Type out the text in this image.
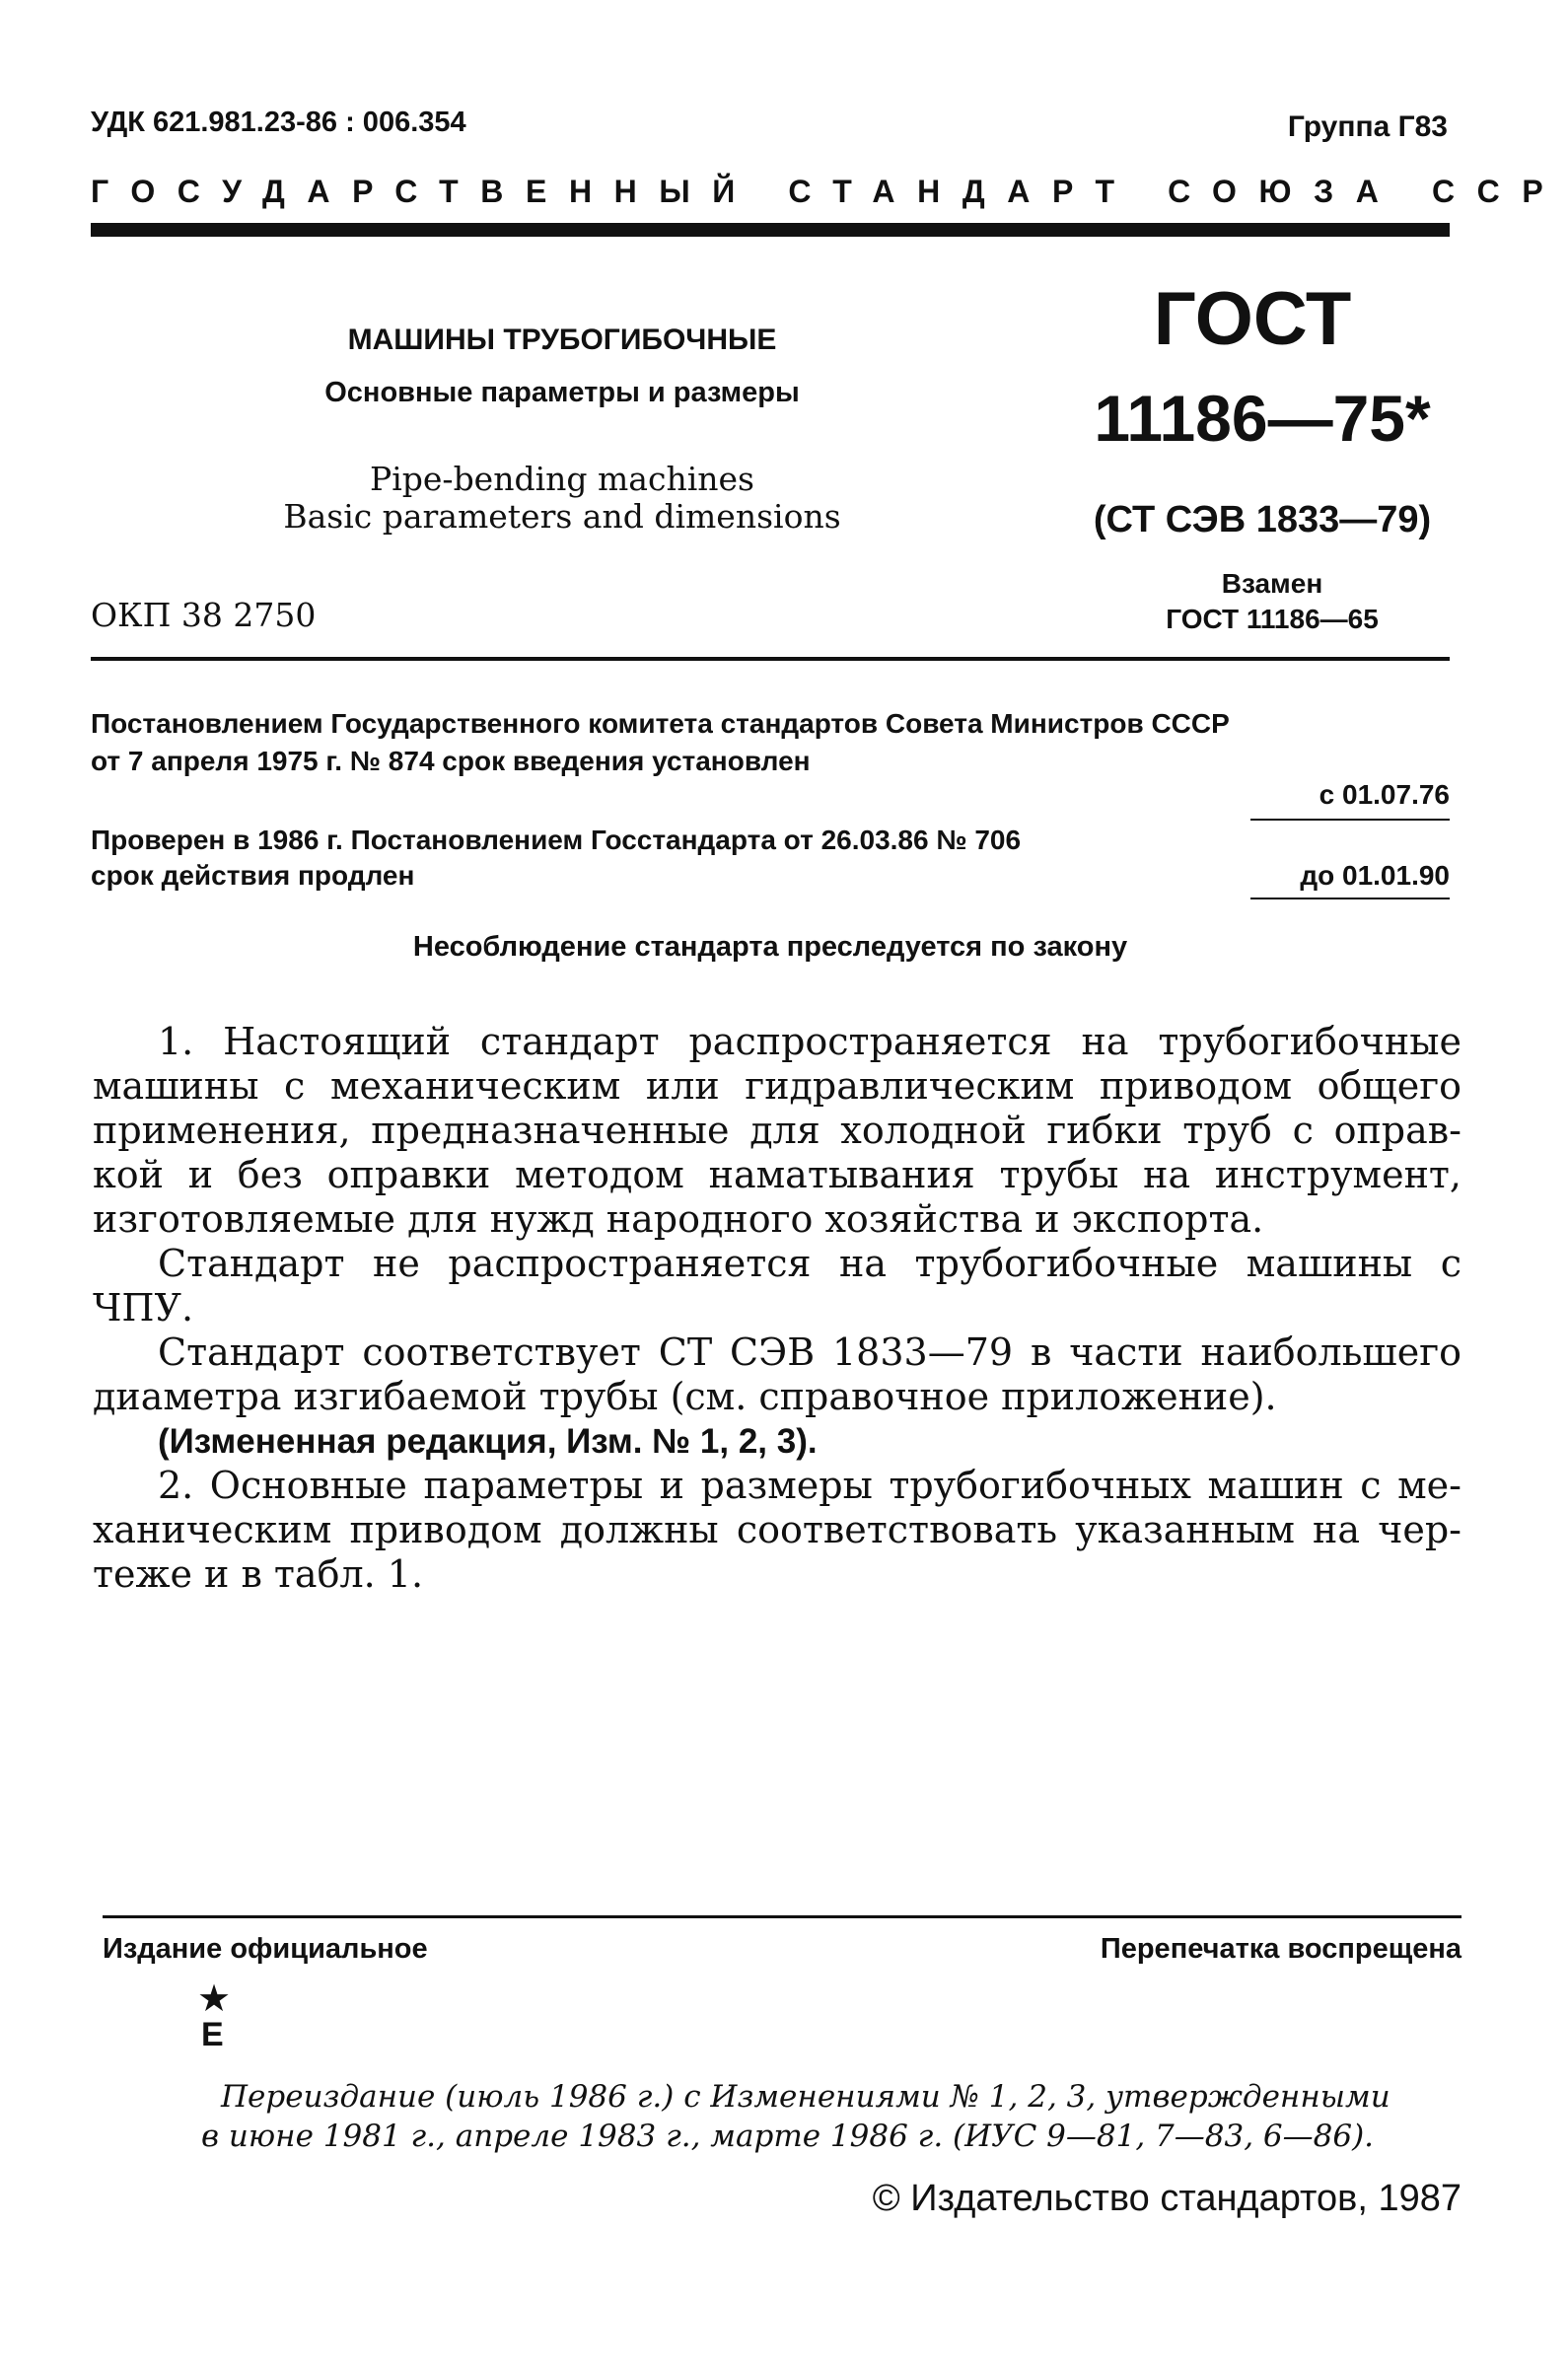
УДК 621.981.23-86 : 006.354	Группа Г83
ГОСУДАРСТВЕННЫЙ СТАНДАРТ СОЮЗА ССР
МАШИНЫ ТРУБОГИБОЧНЫЕ
Основные параметры и размеры
Pipe-bending machines
Basic parameters and dimensions
ОКП 38 2750
ГОСТ
11186—75*
(СТ СЭВ 1833—79)
Взамен
ГОСТ 11186—65
Постановлением Государственного комитета стандартов Совета Министров СССР
от 7 апреля 1975 г. № 874 срок введения установлен
с 01.07.76
Проверен в 1986 г. Постановлением Госстандарта от 26.03.86 № 706
срок действия продлен	до 01.01.90
Несоблюдение стандарта преследуется по закону
1. Настоящий стандарт распространяется на трубогибочные
машины с механическим или гидравлическим приводом общего
применения, предназначенные для холодной гибки труб с оправ-
кой и без оправки методом наматывания трубы на инструмент,
изготовляемые для нужд народного хозяйства и экспорта.
Стандарт не распространяется на трубогибочные машины с
ЧПУ.
Стандарт соответствует СТ СЭВ 1833—79 в части наибольшего
диаметра изгибаемой трубы (см. справочное приложение).
(Измененная редакция, Изм. № 1, 2, 3).
2. Основные параметры и размеры трубогибочных машин с ме-
ханическим приводом должны соответствовать указанным на чер-
теже и в табл. 1.
Издание официальное	Перепечатка воспрещена
★
Е
Переиздание (июль 1986 г.) с Изменениями № 1, 2, 3, утвержденными
в июне 1981 г., апреле 1983 г., марте 1986 г. (ИУС 9—81, 7—83, 6—86).
© Издательство стандартов, 1987
